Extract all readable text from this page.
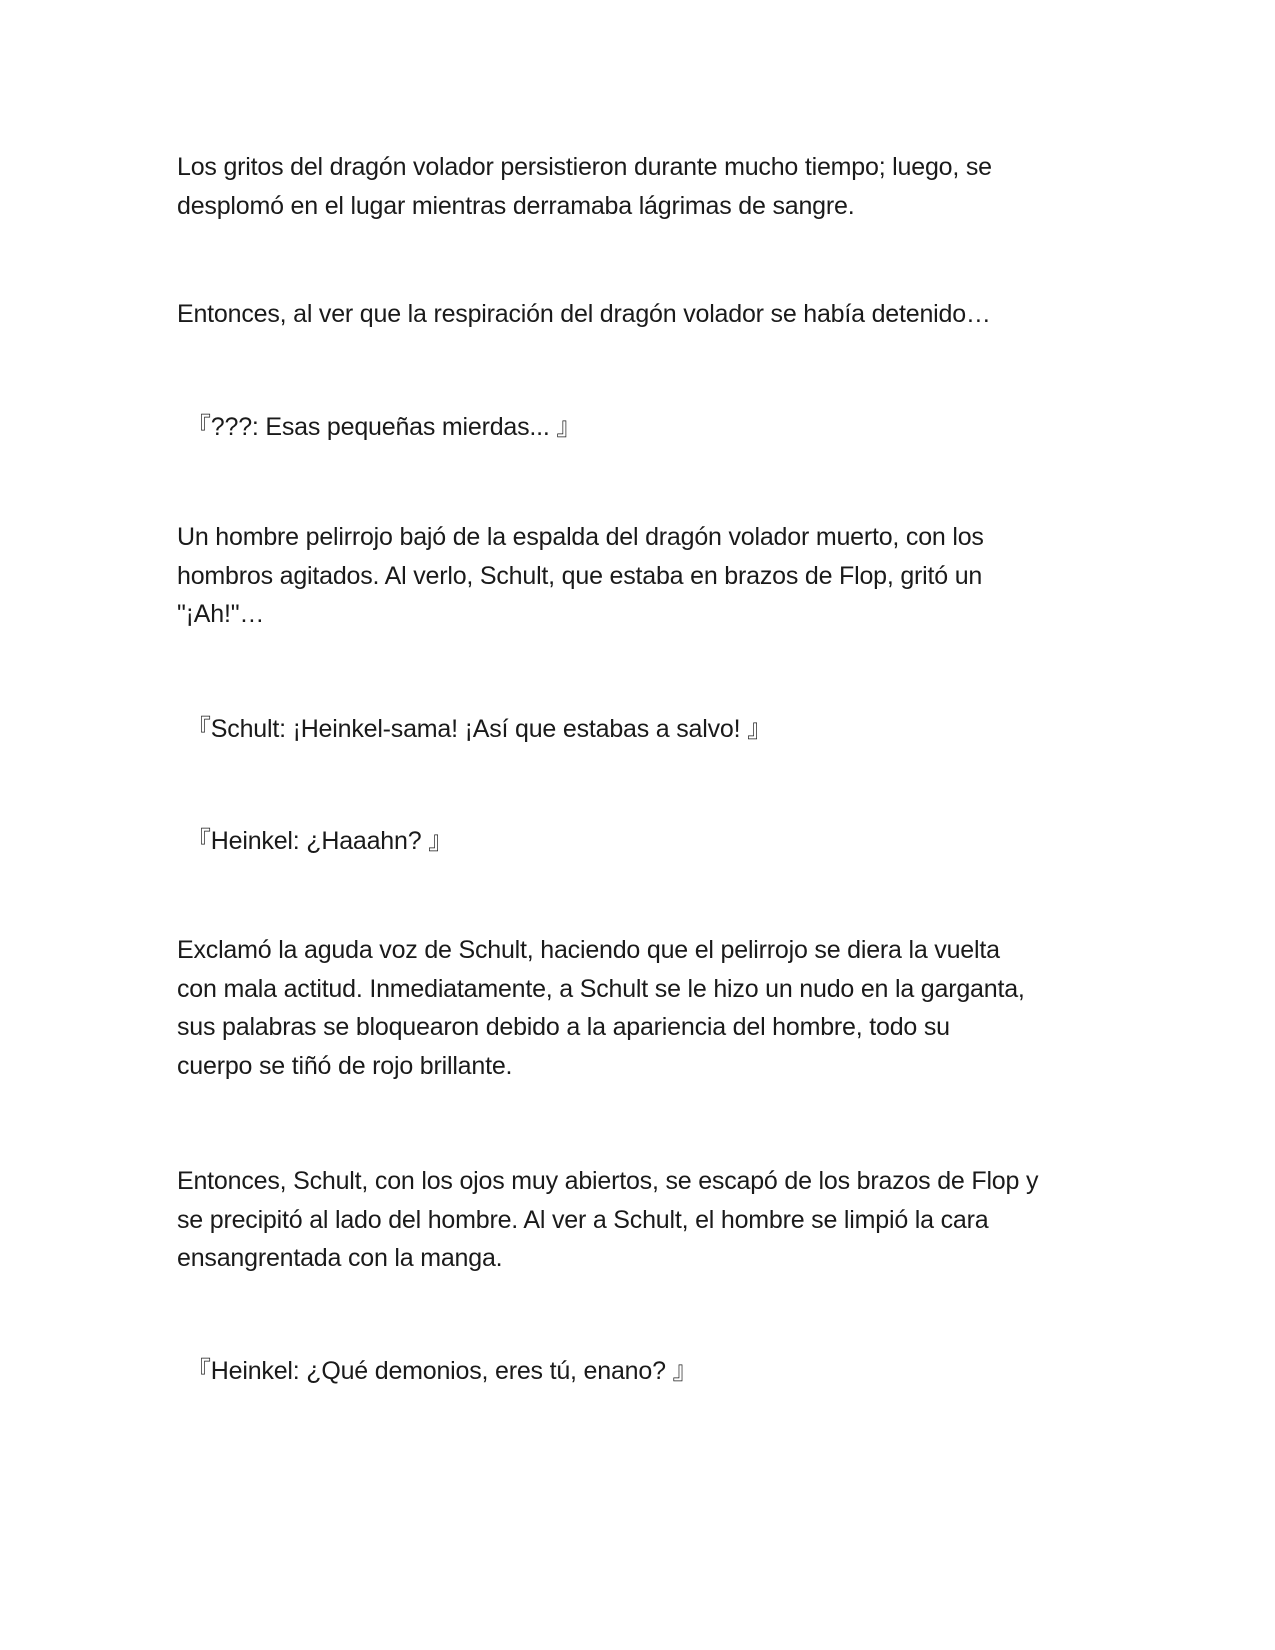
Los gritos del dragón volador persistieron durante mucho tiempo; luego, se
desplomó en el lugar mientras derramaba lágrimas de sangre.

Entonces, al ver que la respiración del dragón volador se había detenido…

『???: Esas pequeñas mierdas... 』

Un hombre pelirrojo bajó de la espalda del dragón volador muerto, con los
hombros agitados. Al verlo, Schult, que estaba en brazos de Flop, gritó un
"¡Ah!"…

『Schult: ¡Heinkel-sama! ¡Así que estabas a salvo! 』

『Heinkel: ¿Haaahn? 』

Exclamó la aguda voz de Schult, haciendo que el pelirrojo se diera la vuelta
con mala actitud. Inmediatamente, a Schult se le hizo un nudo en la garganta,
sus palabras se bloquearon debido a la apariencia del hombre, todo su
cuerpo se tiñó de rojo brillante.

Entonces, Schult, con los ojos muy abiertos, se escapó de los brazos de Flop y
se precipitó al lado del hombre. Al ver a Schult, el hombre se limpió la cara
ensangrentada con la manga.

『Heinkel: ¿Qué demonios, eres tú, enano? 』
